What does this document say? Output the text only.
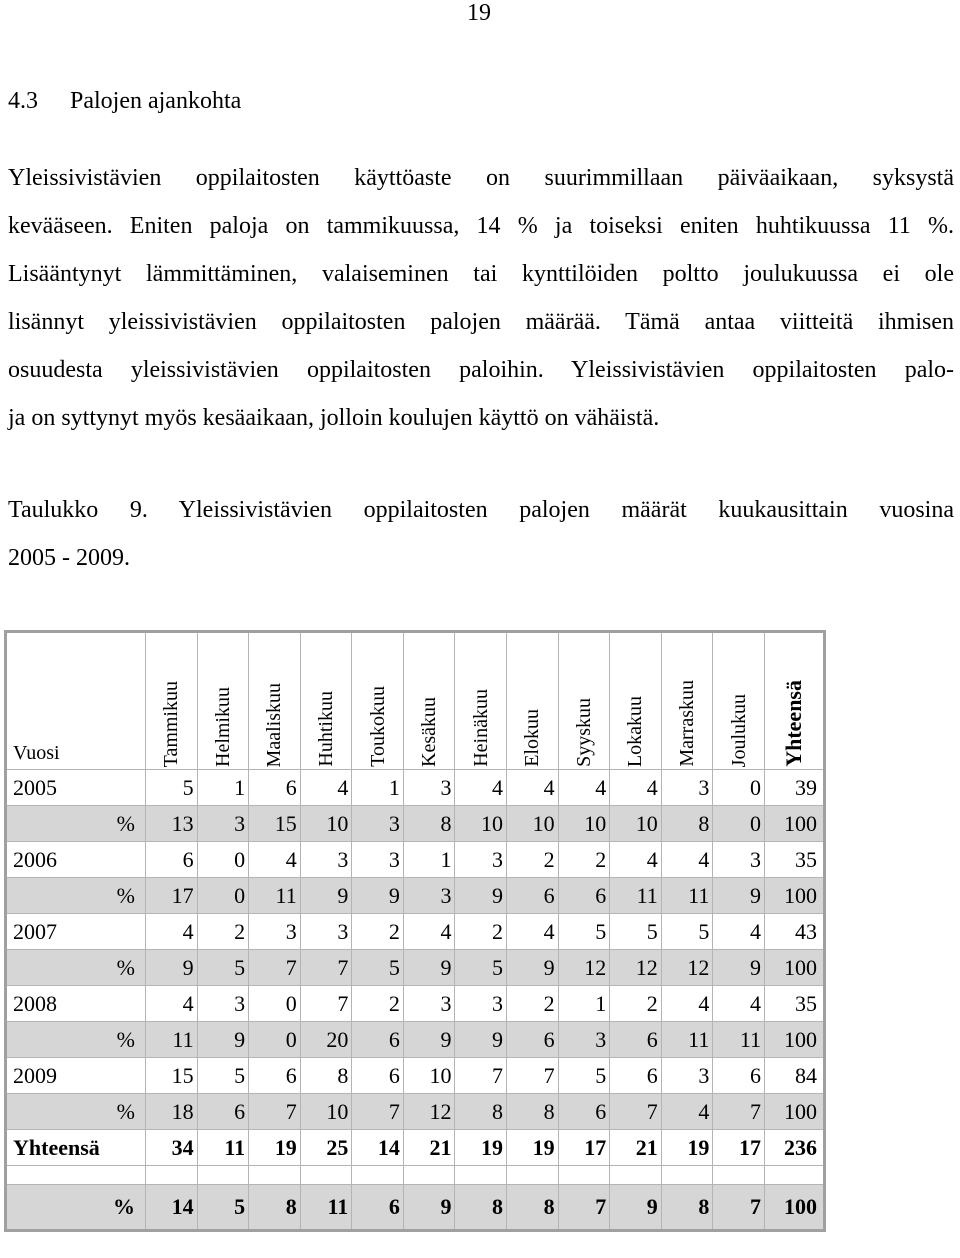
19
4.3 Palojen ajankohta
Yleissivistävien oppilaitosten käyttöaste on suurimmillaan päiväaikaan, syksystä
kevääseen. Eniten paloja on tammikuussa, 14 % ja toiseksi eniten huhtikuussa 11 %.
Lisääntynyt lämmittäminen, valaiseminen tai kynttilöiden poltto joulukuussa ei ole
lisännyt yleissivistävien oppilaitosten palojen määrää. Tämä antaa viitteitä ihmisen
osuudesta yleissivistävien oppilaitosten paloihin. Yleissivistävien oppilaitosten palo-
ja on syttynyt myös kesäaikaan, jolloin koulujen käyttö on vähäistä.
Taulukko 9. Yleissivistävien oppilaitosten palojen määrät kuukausittain vuosina
2005 - 2009.
Vuosi	Tammikuu	Helmikuu	Maaliskuu	Huhtikuu	Toukokuu	Kesäkuu	Heinäkuu	Elokuu	Syyskuu	Lokakuu	Marraskuu	Joulukuu	Yhteensä

2005	5	1	6	4	1	3	4	4	4	4	3	0	39
%	13	3	15	10	3	8	10	10	10	10	8	0	100
2006	6	0	4	3	3	1	3	2	2	4	4	3	35
%	17	0	11	9	9	3	9	6	6	11	11	9	100
2007	4	2	3	3	2	4	2	4	5	5	5	4	43
%	9	5	7	7	5	9	5	9	12	12	12	9	100
2008	4	3	0	7	2	3	3	2	1	2	4	4	35
%	11	9	0	20	6	9	9	6	3	6	11	11	100
2009	15	5	6	8	6	10	7	7	5	6	3	6	84
%	18	6	7	10	7	12	8	8	6	7	4	7	100
Yhteensä	34	11	19	25	14	21	19	19	17	21	19	17	236

%	14	5	8	11	6	9	8	8	7	9	8	7	100
